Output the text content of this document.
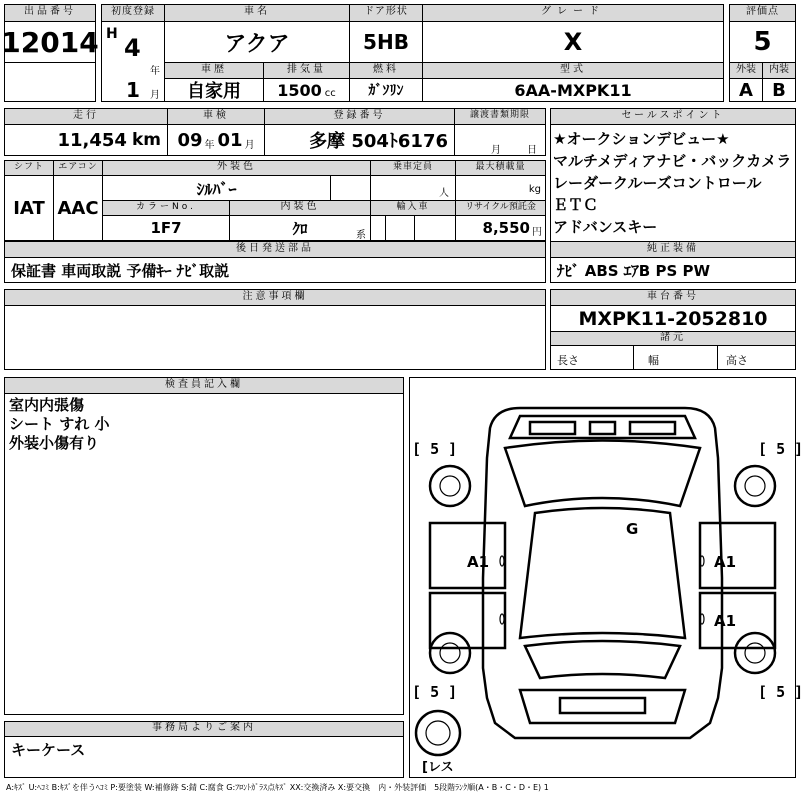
出品番号
12014
初度登録
H 4
年
1 月
車名
アクア
ドア形状
5HB
グレード
X
評価点
5
車歴
自家用
排気量
1500 cc
燃料
ｶﾞｿﾘﾝ
型式
6AA-MXPK11
外装	内装
A	B
走行
11,454 km
車検
09 年 01 月
登録番号
多摩 504ﾄ6176
譲渡書類期限
月	日
セールスポイント
★オークションデビュー★
マルチメディアナビ・バックカメラ
レーダークルーズコントロール
ＥＴＣ
アドバンスキー
シフト	エアコン
IAT AAC
外装色
ｼﾙﾊﾞｰ
乗車定員
人
最大積載量
kg
カラーNo.
1F7
内装色
ｸﾛ	系
輸入車	リサイクル預託金
8,550 円
後日発送部品
保証書 車両取説 予備ｷｰ ﾅﾋﾞ取説
純正装備
ﾅﾋﾞ ABS ｴｱB PS PW
注意事項欄	車台番号
MXPK11-2052810
諸元
長さ	幅	高さ
検査員記入欄
室内内張傷
シート すれ 小
外装小傷有り
事務局よりご案内
キーケース
[ 5 ]	[ 5 ]
[ 5 ]	[ 5 ]
[レス
G
A1	A1
A1
A:ｷｽﾞ U:ﾍｺﾐ B:ｷｽﾞを伴うﾍｺﾐ P:要塗装 W:補修跡 S:錆 C:腐食 G:ﾌﾛﾝﾄｶﾞﾗｽ点ｷｽﾞ XX:交換済み X:要交換　内・外装評価　5段階ﾗﾝｸ順(A・B・C・D・E) 1
